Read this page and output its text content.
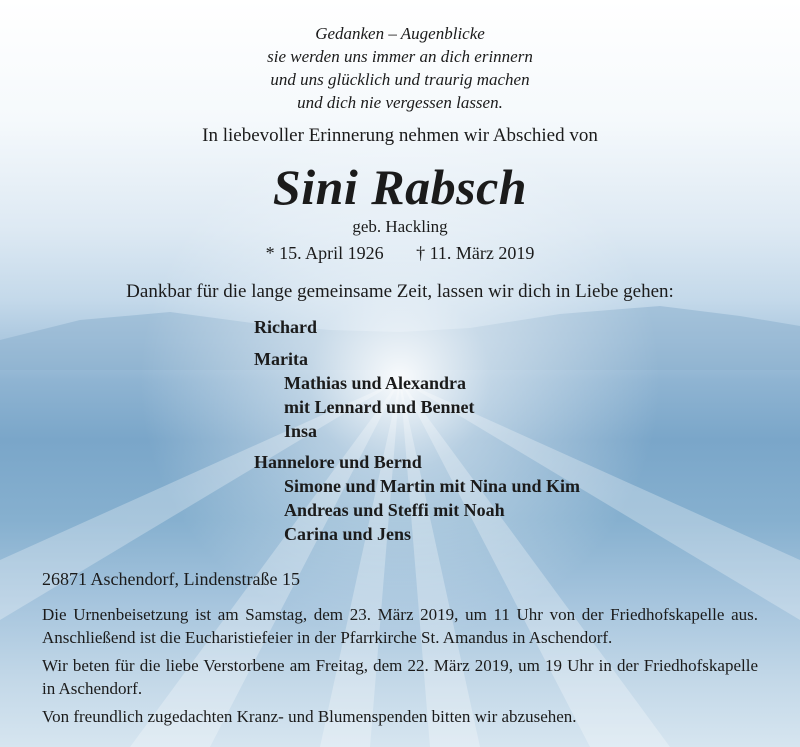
Gedanken – Augenblicke
sie werden uns immer an dich erinnern
und uns glücklich und traurig machen
und dich nie vergessen lassen.
In liebevoller Erinnerung nehmen wir Abschied von
Sini Rabsch
geb. Hackling
* 15. April 1926 † 11. März 2019
Dankbar für die lange gemeinsame Zeit, lassen wir dich in Liebe gehen:
Richard
Marita
Mathias und Alexandra
mit Lennard und Bennet
Insa
Hannelore und Bernd
Simone und Martin mit Nina und Kim
Andreas und Steffi mit Noah
Carina und Jens
26871 Aschendorf, Lindenstraße 15
Die Urnenbeisetzung ist am Samstag, dem 23. März 2019, um 11 Uhr von der Friedhofskapelle aus. Anschließend ist die Eucharistiefeier in der Pfarrkirche St. Amandus in Aschendorf.
Wir beten für die liebe Verstorbene am Freitag, dem 22. März 2019, um 19 Uhr in der Friedhofskapelle in Aschendorf.
Von freundlich zugedachten Kranz- und Blumenspenden bitten wir abzusehen.
